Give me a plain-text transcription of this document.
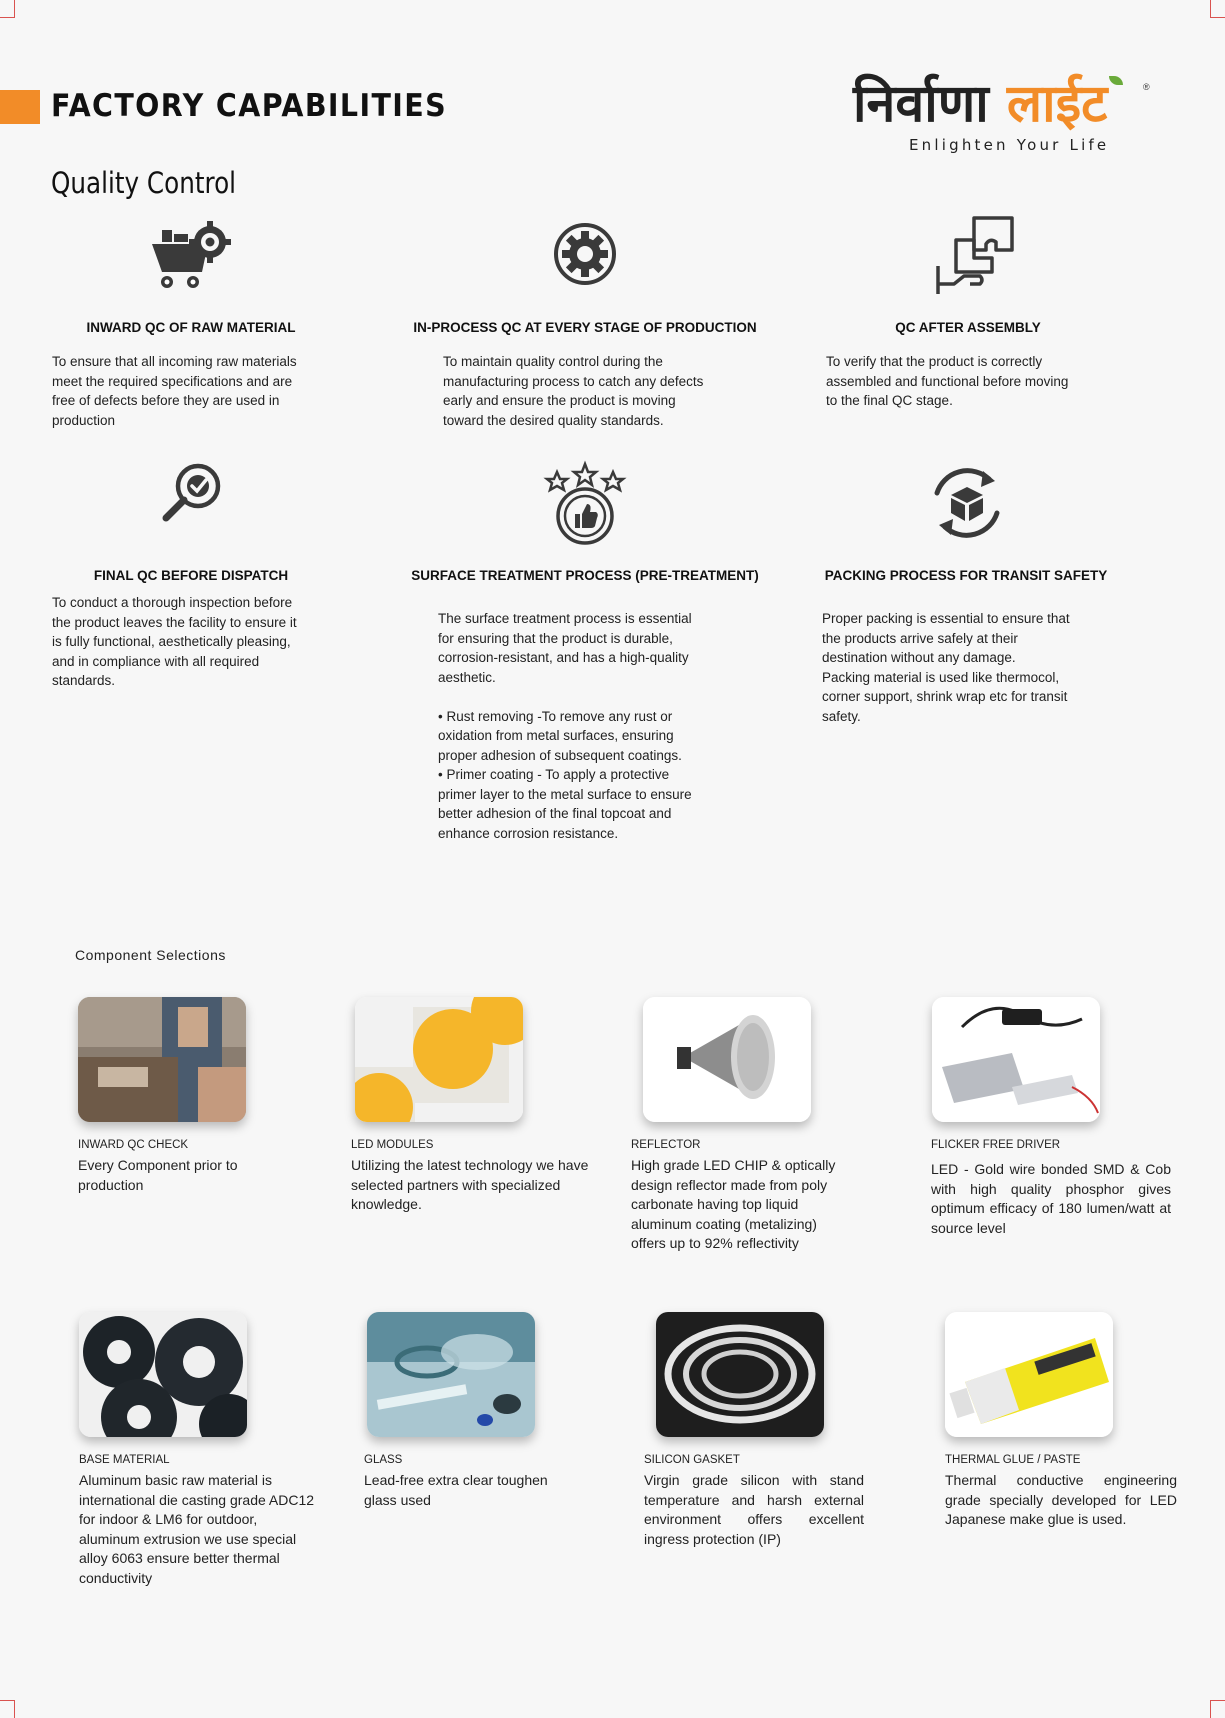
FACTORY CAPABILITIES	निर्वाणा लाईट	®
Enlighten Your Life
Quality Control
INWARD QC OF RAW MATERIAL
To ensure that all incoming raw materials
meet the required specifications and are
free of defects before they are used in
production
IN-PROCESS QC AT EVERY STAGE OF PRODUCTION
To maintain quality control during the
manufacturing process to catch any defects
early and ensure the product is moving
toward the desired quality standards.
QC AFTER ASSEMBLY
To verify that the product is correctly
assembled and functional before moving
to the final QC stage.
FINAL QC BEFORE DISPATCH
To conduct a thorough inspection before
the product leaves the facility to ensure it
is fully functional, aesthetically pleasing,
and in compliance with all required
standards.
SURFACE TREATMENT PROCESS (PRE-TREATMENT)
The surface treatment process is essential
for ensuring that the product is durable,
corrosion-resistant, and has a high-quality
aesthetic.

• Rust removing -To remove any rust or
oxidation from metal surfaces, ensuring
proper adhesion of subsequent coatings.
• Primer coating - To apply a protective
primer layer to the metal surface to ensure
better adhesion of the final topcoat and
enhance corrosion resistance.
PACKING PROCESS FOR TRANSIT SAFETY
Proper packing is essential to ensure that
the products arrive safely at their
destination without any damage.
Packing material is used like thermocol,
corner support, shrink wrap etc for transit
safety.
Component Selections
INWARD QC CHECK
Every Component prior to production
LED MODULES
Utilizing the latest technology we have selected partners with specialized knowledge.
REFLECTOR
High grade LED CHIP & optically design reflector made from poly carbonate having top liquid aluminum coating (metalizing) offers up to 92% reflectivity
FLICKER FREE DRIVER
LED - Gold wire bonded SMD & Cob with high quality phosphor gives optimum efficacy of 180 lumen/watt at source level
BASE MATERIAL
Aluminum basic raw material is international die casting grade ADC12 for indoor & LM6 for outdoor, aluminum extrusion we use special alloy 6063 ensure better thermal conductivity
GLASS
Lead-free extra clear toughen glass used
SILICON GASKET
Virgin grade silicon with stand temperature and harsh external environment offers excellent ingress protection (IP)
THERMAL GLUE / PASTE
Thermal conductive engineering grade specially developed for LED Japanese make glue is used.
